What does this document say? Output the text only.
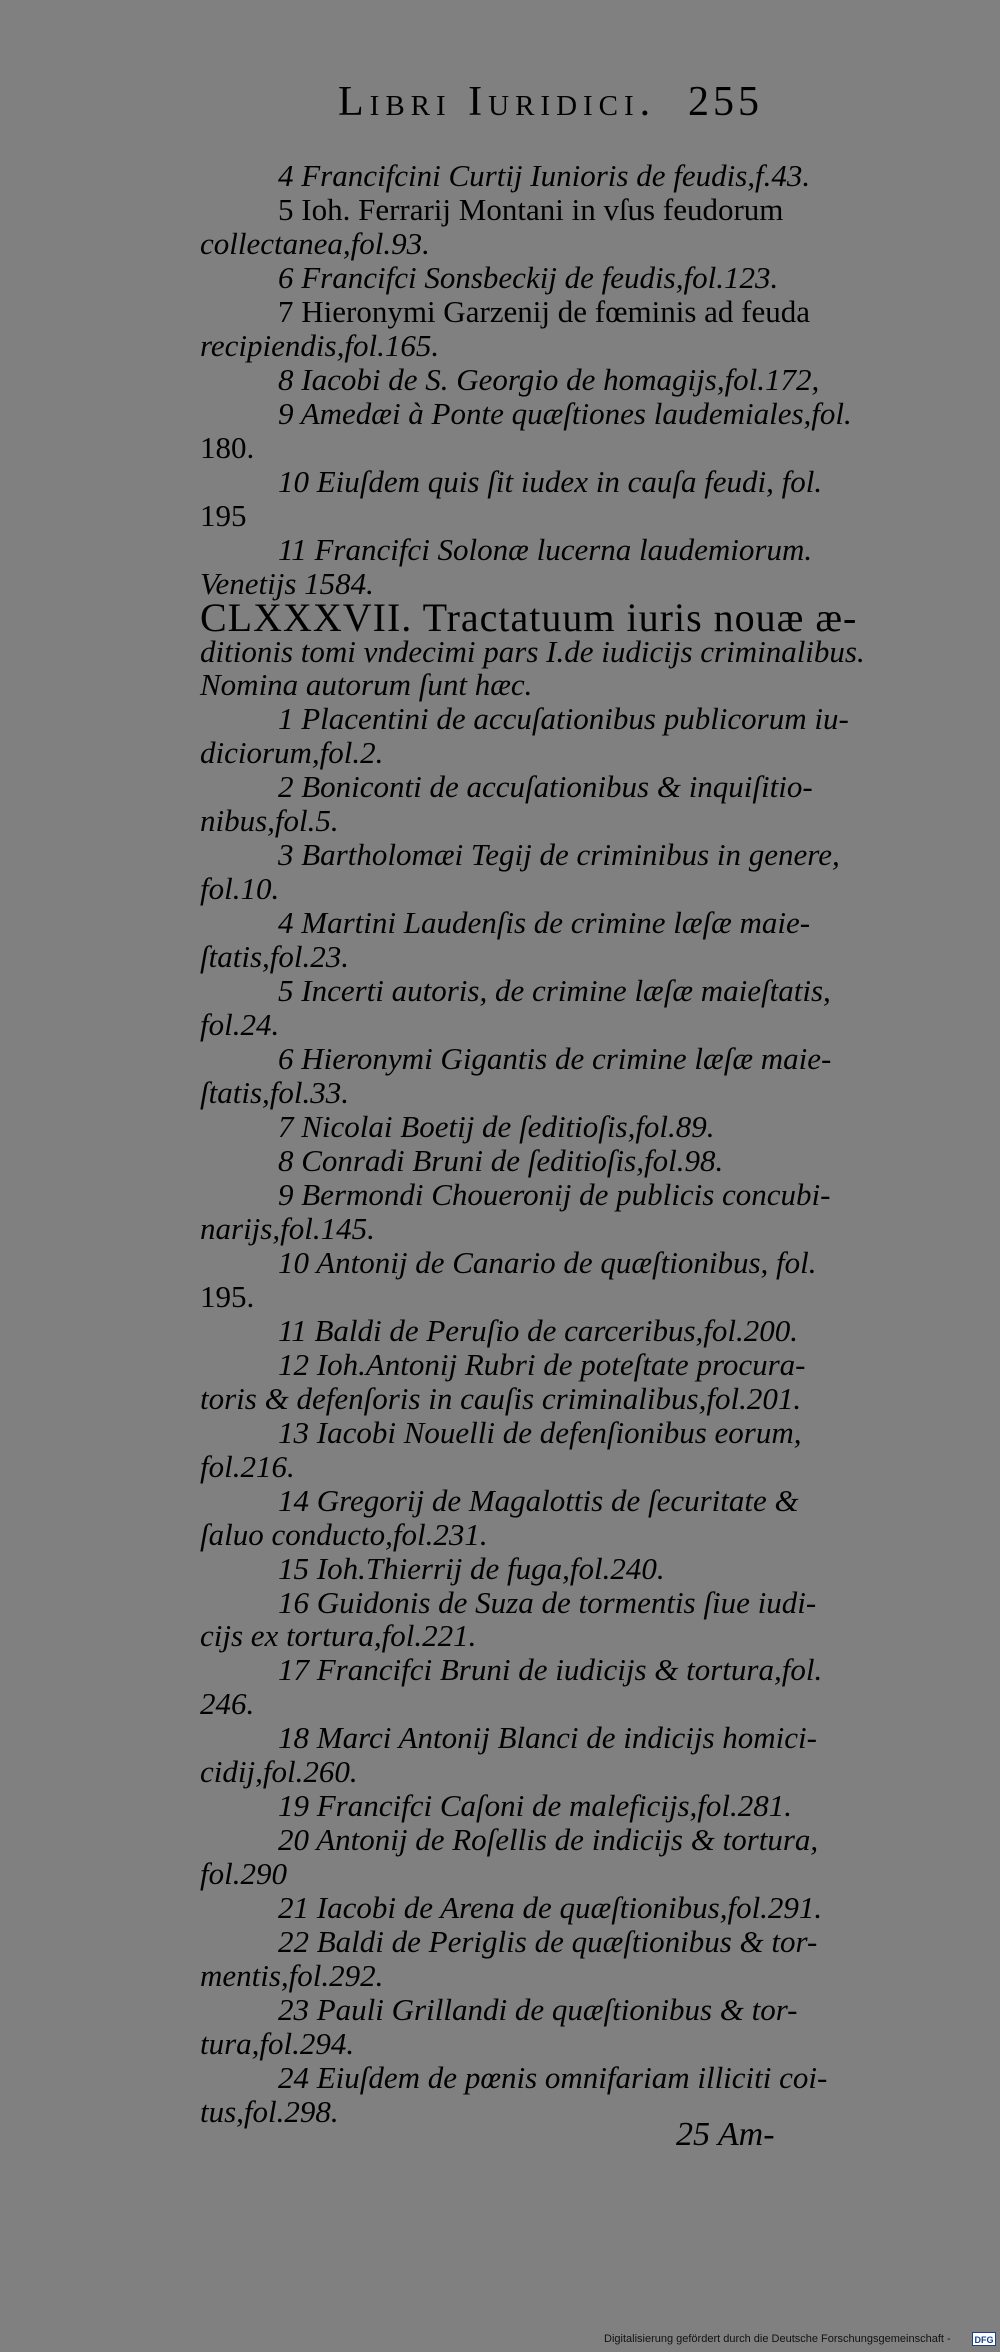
Libri Iuridici. 255
4 Francifcini Curtij Iunioris de feudis,f.43.
5 Ioh. Ferrarij Montani in vſus feudorum
collectanea,fol.93.
6 Francifci Sonsbeckij de feudis,fol.123.
7 Hieronymi Garzenij de fœminis ad feuda
recipiendis,fol.165.
8 Iacobi de S. Georgio de homagijs,fol.172,
9 Amedæi à Ponte quæſtiones laudemiales,fol.
180.
10 Eiuſdem quis ſit iudex in cauſa feudi, fol.
195
11 Francifci Solonæ lucerna laudemiorum.
Venetijs 1584.
CLXXXVII. Tractatuum iuris nouæ æ-
ditionis tomi vndecimi pars I.de iudicijs criminalibus.
Nomina autorum ſunt hæc.
1 Placentini de accuſationibus publicorum iu-
diciorum,fol.2.
2 Boniconti de accuſationibus & inquiſitio-
nibus,fol.5.
3 Bartholomæi Tegij de criminibus in genere,
fol.10.
4 Martini Laudenſis de crimine læſæ maie-
ſtatis,fol.23.
5 Incerti autoris, de crimine læſæ maieſtatis,
fol.24.
6 Hieronymi Gigantis de crimine læſæ maie-
ſtatis,fol.33.
7 Nicolai Boetij de ſeditioſis,fol.89.
8 Conradi Bruni de ſeditioſis,fol.98.
9 Bermondi Choueronij de publicis concubi-
narijs,fol.145.
10 Antonij de Canario de quæſtionibus, fol.
195.
11 Baldi de Peruſio de carceribus,fol.200.
12 Ioh.Antonij Rubri de poteſtate procura-
toris & defenſoris in cauſis criminalibus,fol.201.
13 Iacobi Nouelli de defenſionibus eorum,
fol.216.
14 Gregorij de Magalottis de ſecuritate &
ſaluo conducto,fol.231.
15 Ioh.Thierrij de fuga,fol.240.
16 Guidonis de Suza de tormentis ſiue iudi-
cijs ex tortura,fol.221.
17 Francifci Bruni de iudicijs & tortura,fol.
246.
18 Marci Antonij Blanci de indicijs homici-
cidij,fol.260.
19 Francifci Caſoni de maleficijs,fol.281.
20 Antonij de Roſellis de indicijs & tortura,
fol.290
21 Iacobi de Arena de quæſtionibus,fol.291.
22 Baldi de Periglis de quæſtionibus & tor-
mentis,fol.292.
23 Pauli Grillandi de quæſtionibus & tor-
tura,fol.294.
24 Eiuſdem de pœnis omnifariam illiciti coi-
tus,fol.298.
25 Am-
Digitalisierung gefördert durch die Deutsche Forschungsgemeinschaft -	DFG
